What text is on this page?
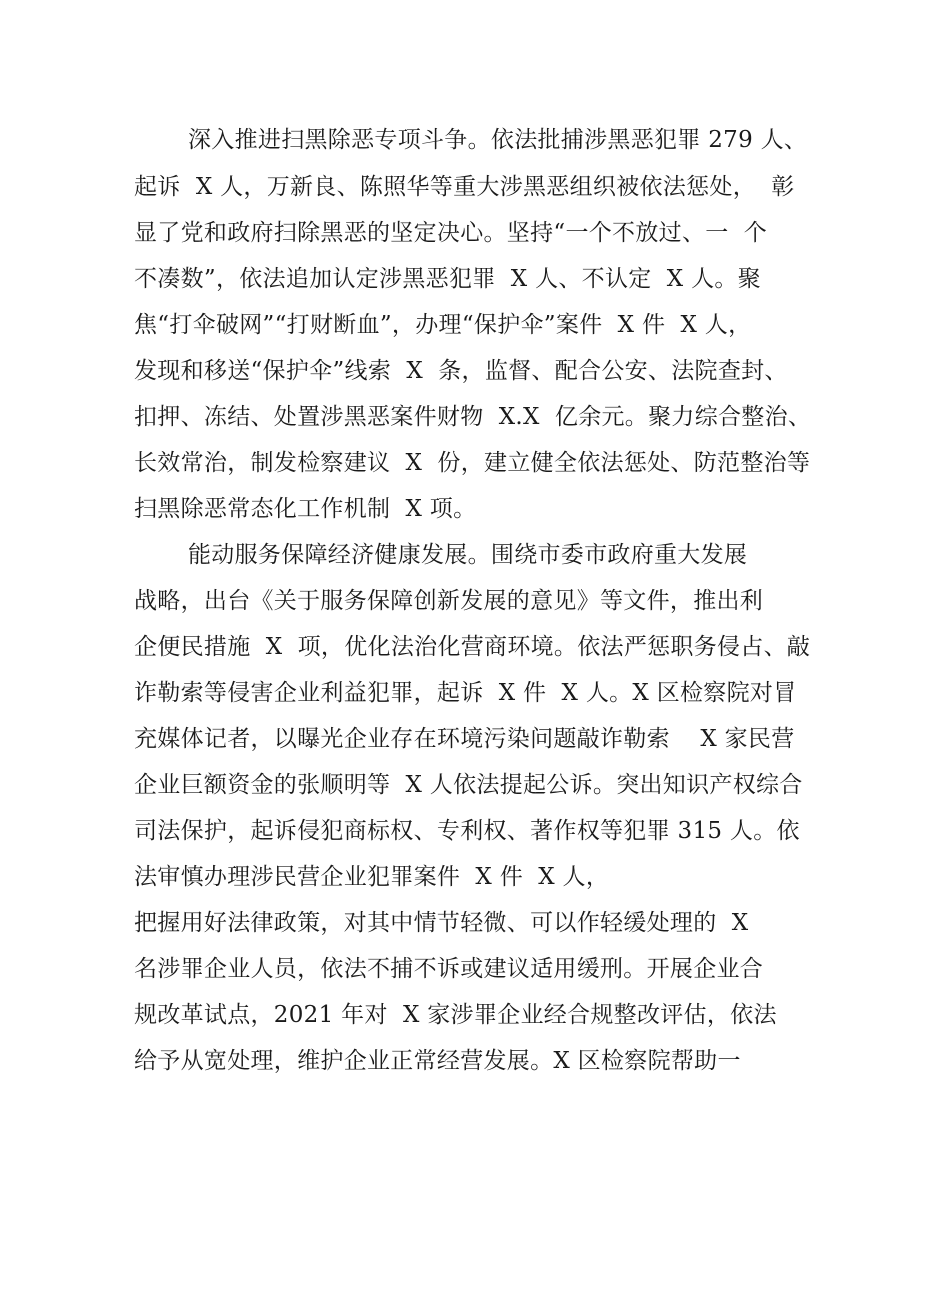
深入推进扫黑除恶专项斗争。依法批捕涉黑恶犯罪 279 人、

起诉  X 人，万新良、陈照华等重大涉黑恶组织被依法惩处，  彰

显了党和政府扫除黑恶的坚定决心。坚持“一个不放过、一  个

不凑数”，依法追加认定涉黑恶犯罪  X 人、不认定  X 人。聚

焦“打伞破网”“打财断血”，办理“保护伞”案件  X 件  X 人，

发现和移送“保护伞”线索  X  条，监督、配合公安、法院查封、

扣押、冻结、处置涉黑恶案件财物  X.X  亿余元。聚力综合整治、

长效常治，制发检察建议  X  份，建立健全依法惩处、防范整治等

扫黑除恶常态化工作机制  X 项。

能动服务保障经济健康发展。围绕市委市政府重大发展

战略，出台《关于服务保障创新发展的意见》等文件，推出利

企便民措施  X  项，优化法治化营商环境。依法严惩职务侵占、敲

诈勒索等侵害企业利益犯罪，起诉  X 件  X 人。X 区检察院对冒

充媒体记者，以曝光企业存在环境污染问题敲诈勒索    X 家民营

企业巨额资金的张顺明等  X 人依法提起公诉。突出知识产权综合

司法保护，起诉侵犯商标权、专利权、著作权等犯罪 315 人。依

法审慎办理涉民营企业犯罪案件  X 件  X 人，

把握用好法律政策，对其中情节轻微、可以作轻缓处理的  X

名涉罪企业人员，依法不捕不诉或建议适用缓刑。开展企业合

规改革试点，2021 年对  X 家涉罪企业经合规整改评估，依法

给予从宽处理，维护企业正常经营发展。X 区检察院帮助一
